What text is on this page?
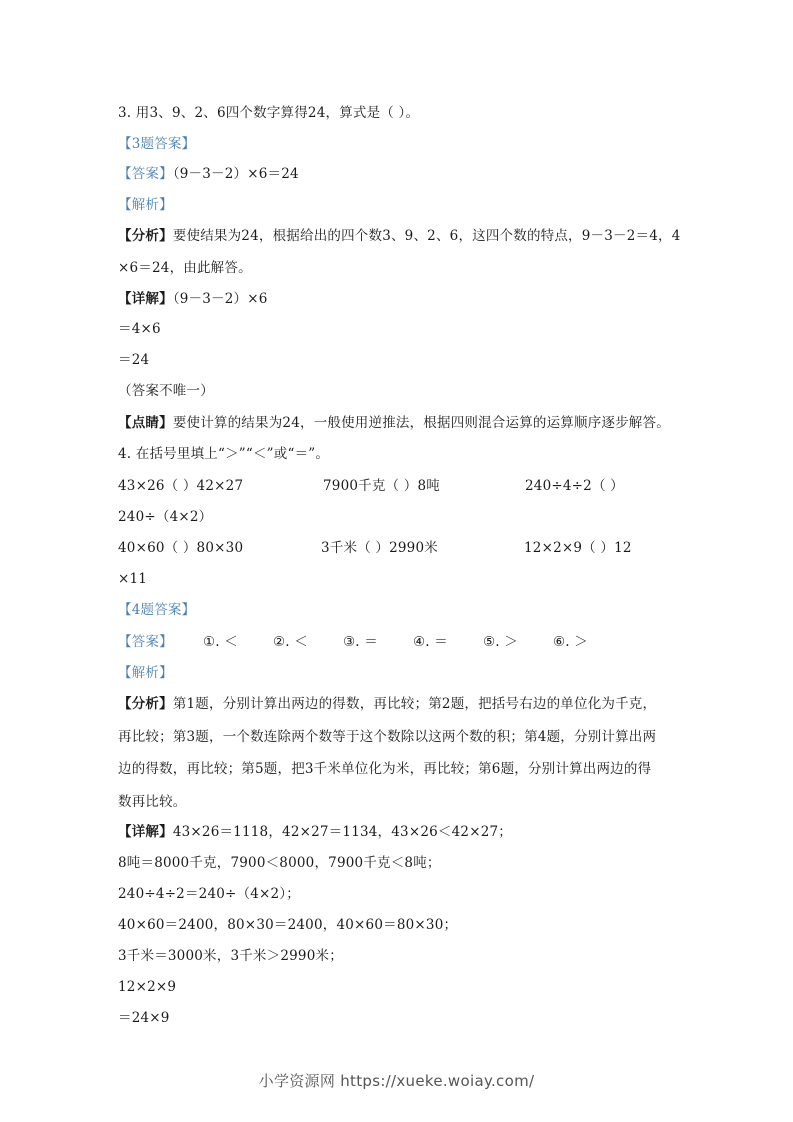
3. 用3、9、2、6四个数字算得24，算式是（ ）。
【3题答案】
【答案】（9－3－2）×6＝24
【解析】
【分析】要使结果为24，根据给出的四个数3、9、2、6，这四个数的特点，9－3－2＝4，4
×6＝24，由此解答。
【详解】（9－3－2）×6
＝4×6
＝24
（答案不唯一）
【点睛】要使计算的结果为24，一般使用逆推法，根据四则混合运算的运算顺序逐步解答。
4. 在括号里填上“＞”“＜”或“＝”。
43×26（ ）42×27	7900千克（ ）8吨	240÷4÷2（ ）
240÷（4×2）
40×60（ ）80×30	3千米（ ）2990米	12×2×9（ ）12
×11
【4题答案】
【答案】 ①. ＜	②. ＜	③. ＝	④. ＝	⑤. ＞	⑥. ＞
【解析】
【分析】第1题，分别计算出两边的得数，再比较；第2题，把括号右边的单位化为千克，
再比较；第3题，一个数连除两个数等于这个数除以这两个数的积；第4题，分别计算出两
边的得数，再比较；第5题，把3千米单位化为米，再比较；第6题，分别计算出两边的得
数再比较。
【详解】43×26＝1118，42×27＝1134，43×26＜42×27；
8吨＝8000千克，7900＜8000，7900千克＜8吨；
240÷4÷2＝240÷（4×2）；
40×60＝2400，80×30＝2400，40×60＝80×30；
3千米＝3000米，3千米＞2990米；
12×2×9
＝24×9
小学资源网 https://xueke.woiay.com/
